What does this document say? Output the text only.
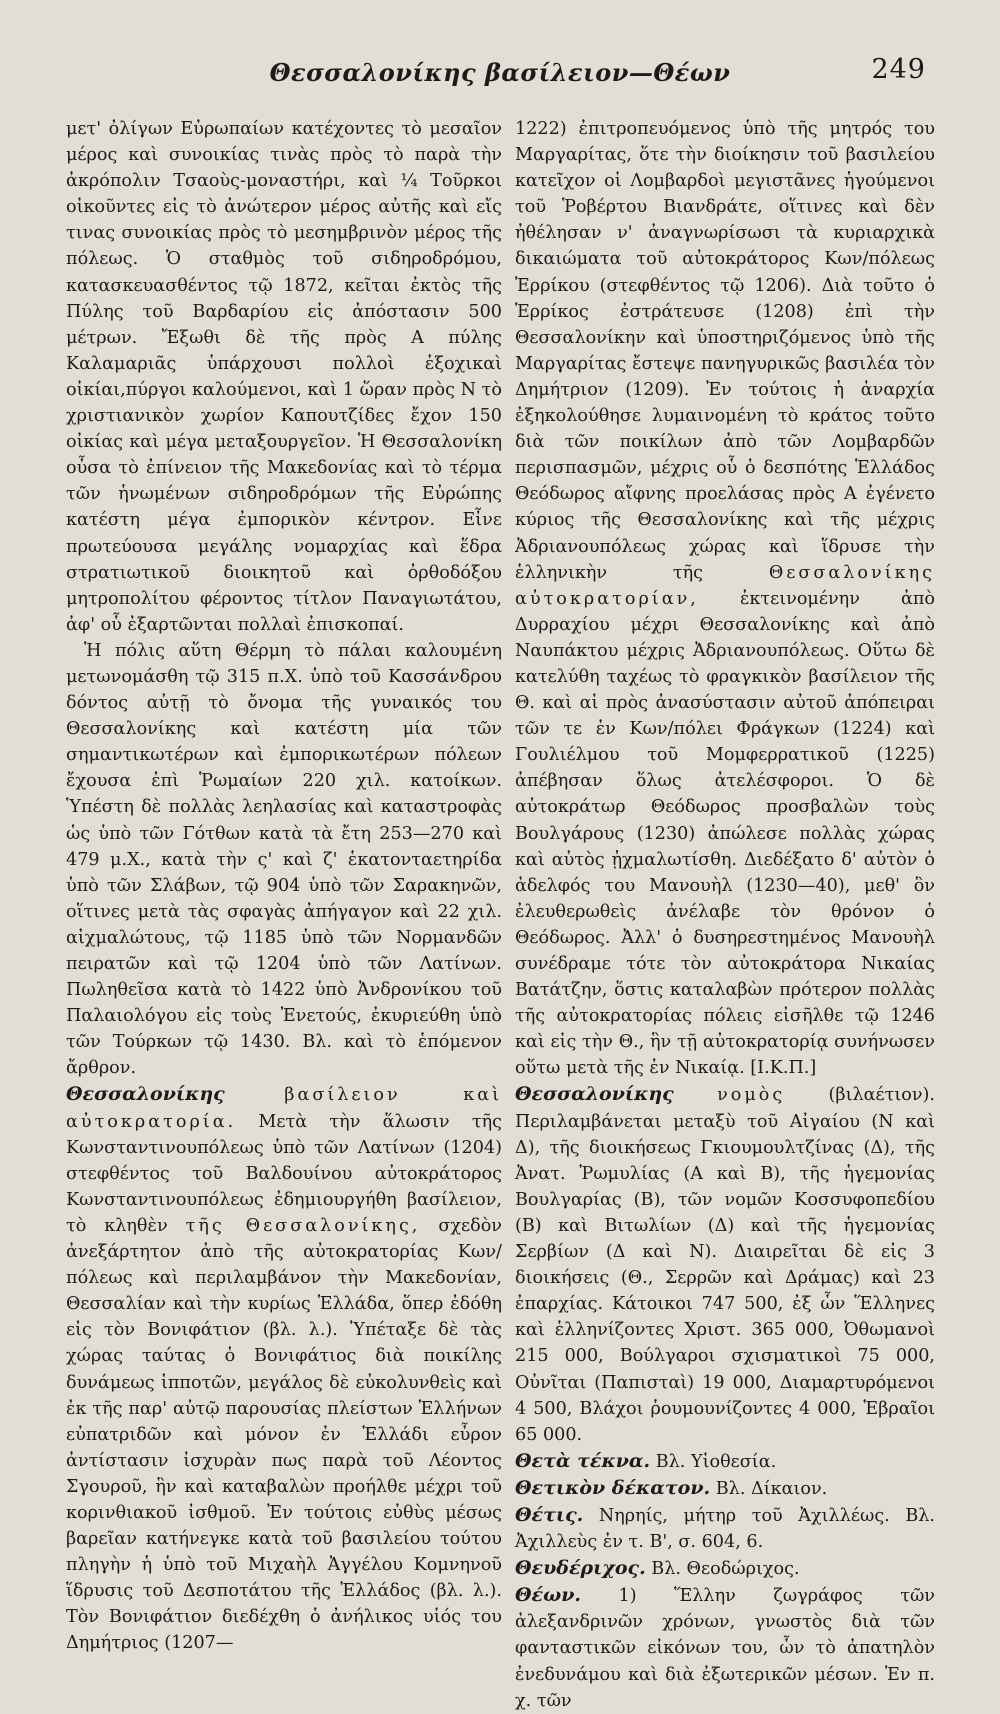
Θεσσαλονίκης βασίλειον—Θέων	249

μετ' ὀλίγων Εὐρωπαίων κατέχοντες τὸ μεσαῖον μέρος καὶ συνοικίας τινὰς πρὸς τὸ παρὰ τὴν ἀκρόπολιν Τσαοὺς-μοναστήρι, καὶ ¼ Τοῦρκοι οἰκοῦντες εἰς τὸ ἀνώτερον μέρος αὐτῆς καὶ εἴς τινας συνοικίας πρὸς τὸ μεσημβρινὸν μέρος τῆς πόλεως. Ὁ σταθμὸς τοῦ σιδηροδρόμου, κατασκευασθέντος τῷ 1872, κεῖται ἐκτὸς τῆς Πύλης τοῦ Βαρδαρίου εἰς ἀπόστασιν 500 μέτρων. Ἔξωθι δὲ τῆς πρὸς Α πύλης Καλαμαριᾶς ὑπάρχουσι πολλοὶ ἐξοχικαὶ οἰκίαι,πύργοι καλούμενοι, καὶ 1 ὥραν πρὸς Ν τὸ χριστιανικὸν χωρίον Καπουτζίδες ἔχον 150 οἰκίας καὶ μέγα μεταξουργεῖον. Ἡ Θεσσαλονίκη οὖσα τὸ ἐπίνειον τῆς Μακεδονίας καὶ τὸ τέρμα τῶν ἡνωμένων σιδηροδρόμων τῆς Εὐρώπης κατέστη μέγα ἐμπορικὸν κέντρον. Εἶνε πρωτεύουσα μεγάλης νομαρχίας καὶ ἕδρα στρατιωτικοῦ διοικητοῦ καὶ ὀρθοδόξου μητροπολίτου φέροντος τίτλον Παναγιωτάτου, ἀφ' οὗ ἐξαρτῶνται πολλαὶ ἐπισκοπαί.

Ἡ πόλις αὕτη Θέρμη τὸ πάλαι καλουμένη μετωνομάσθη τῷ 315 π.Χ. ὑπὸ τοῦ Κασσάνδρου δόντος αὐτῇ τὸ ὄνομα τῆς γυναικός του Θεσσαλονίκης καὶ κατέστη μία τῶν σημαντικωτέρων καὶ ἐμπορικωτέρων πόλεων ἔχουσα ἐπὶ Ῥωμαίων 220 χιλ. κατοίκων. Ὑπέστη δὲ πολλὰς λεηλασίας καὶ καταστροφὰς ὡς ὑπὸ τῶν Γότθων κατὰ τὰ ἔτη 253—270 καὶ 479 μ.Χ., κατὰ τὴν ς' καὶ ζ' ἑκατονταετηρίδα ὑπὸ τῶν Σλάβων, τῷ 904 ὑπὸ τῶν Σαρακηνῶν, οἵτινες μετὰ τὰς σφαγὰς ἀπήγαγον καὶ 22 χιλ. αἰχμαλώτους, τῷ 1185 ὑπὸ τῶν Νορμανδῶν πειρατῶν καὶ τῷ 1204 ὑπὸ τῶν Λατίνων. Πωληθεῖσα κατὰ τὸ 1422 ὑπὸ Ἀνδρονίκου τοῦ Παλαιολόγου εἰς τοὺς Ἐνετούς, ἐκυριεύθη ὑπὸ τῶν Τούρκων τῷ 1430. Βλ. καὶ τὸ ἑπόμενον ἄρθρον.

Θεσσαλονίκης	βασίλειον καὶ αὐτοκρατορία. Μετὰ τὴν ἅλωσιν τῆς Κωνσταντινουπόλεως ὑπὸ τῶν Λατίνων (1204) στεφθέντος τοῦ Βαλδουίνου αὐτοκράτορος Κωνσταντινουπόλεως ἐδημιουργήθη βασίλειον, τὸ κληθὲν τῆς Θεσσαλονίκης, σχεδὸν ἀνεξάρτητον ἀπὸ τῆς αὐτοκρατορίας Κων/πόλεως καὶ περιλαμβάνον τὴν Μακεδονίαν, Θεσσαλίαν καὶ τὴν κυρίως Ἑλλάδα, ὅπερ ἐδόθη εἰς τὸν Βονιφάτιον (βλ. λ.). Ὑπέταξε δὲ τὰς χώρας ταύτας ὁ Βονιφάτιος διὰ ποικίλης δυνάμεως ἱπποτῶν, μεγάλος δὲ εὐκολυνθεὶς καὶ ἐκ τῆς παρ' αὐτῷ παρουσίας πλείστων Ἑλλήνων εὐπατριδῶν καὶ μόνον ἐν Ἑλλάδι εὗρον ἀντίστασιν ἰσχυρὰν πως παρὰ τοῦ Λέοντος Σγουροῦ, ἣν καὶ καταβαλὼν προήλθε μέχρι τοῦ κορινθιακοῦ ἰσθμοῦ. Ἐν τούτοις εὐθὺς μέσως βαρεῖαν κατήνεγκε κατὰ τοῦ βασιλείου τούτου πληγὴν ἡ ὑπὸ τοῦ Μιχαὴλ Ἀγγέλου Κομνηνοῦ ἵδρυσις τοῦ Δεσποτάτου τῆς Ἑλλάδος (βλ. λ.). Τὸν Βονιφάτιον διεδέχθη ὁ ἀνήλικος υἱός του Δημήτριος (1207—

1222) ἐπιτροπευόμενος ὑπὸ τῆς μητρός του Μαργαρίτας, ὅτε τὴν διοίκησιν τοῦ βασιλείου κατεῖχον οἱ Λομβαρδοὶ μεγιστᾶνες ἡγούμενοι τοῦ Ῥοβέρτου Βιανδράτε, οἵτινες καὶ δὲν ἠθέλησαν ν' ἀναγνωρίσωσι τὰ κυριαρχικὰ δικαιώματα τοῦ αὐτοκράτορος Κων/πόλεως Ἑρρίκου (στεφθέντος τῷ 1206). Διὰ τοῦτο ὁ Ἑρρίκος ἐστράτευσε (1208) ἐπὶ τὴν Θεσσαλονίκην καὶ ὑποστηριζόμενος ὑπὸ τῆς Μαργαρίτας ἔστεψε πανηγυρικῶς βασιλέα τὸν Δημήτριον (1209). Ἐν τούτοις ἡ ἀναρχία ἐξηκολούθησε λυμαινομένη τὸ κράτος τοῦτο διὰ τῶν ποικίλων ἀπὸ τῶν Λομβαρδῶν περισπασμῶν, μέχρις οὗ ὁ δεσπότης Ἑλλάδος Θεόδωρος αἴφνης προελάσας πρὸς Α ἐγένετο κύριος τῆς Θεσσαλονίκης καὶ τῆς μέχρις Ἀδριανουπόλεως χώρας καὶ ἵδρυσε τὴν ἑλληνικὴν τῆς	Θεσσαλονίκης αὐτοκρατορίαν, ἐκτεινομένην ἀπὸ Δυρραχίου μέχρι Θεσσαλονίκης καὶ ἀπὸ Ναυπάκτου μέχρις Ἀδριανουπόλεως. Οὕτω δὲ κατελύθη ταχέως τὸ φραγκικὸν βασίλειον τῆς Θ. καὶ αἱ πρὸς ἀνασύστασιν αὐτοῦ ἀπόπειραι τῶν τε ἐν Κων/πόλει Φράγκων (1224) καὶ Γουλιέλμου τοῦ Μομφερρατικοῦ (1225) ἀπέβησαν ὅλως ἀτελέσφοροι. Ὁ δὲ αὐτοκράτωρ Θεόδωρος προσβαλὼν τοὺς Βουλγάρους (1230) ἀπώλεσε πολλὰς χώρας καὶ αὐτὸς ᾐχμαλωτίσθη. Διεδέξατο δ' αὐτὸν ὁ ἀδελφός του Μανουὴλ (1230—40), μεθ' ὃν ἐλευθερωθεὶς ἀνέλαβε τὸν θρόνον ὁ Θεόδωρος. Ἀλλ' ὁ δυσηρεστημένος Μανουὴλ συνέδραμε τότε τὸν αὐτοκράτορα Νικαίας Βατάτζην, ὅστις καταλαβὼν πρότερον πολλὰς τῆς αὐτοκρατορίας πόλεις εἰσῆλθε τῷ 1246 καὶ εἰς τὴν Θ., ἣν τῇ αὐτοκρατορίᾳ συνήνωσεν οὕτω μετὰ τῆς ἐν Νικαίᾳ. [Ι.Κ.Π.]

Θεσσαλονίκης νομὸς (βιλαέτιον). Περιλαμβάνεται μεταξὺ τοῦ Αἰγαίου (Ν καὶ Δ), τῆς διοικήσεως Γκιουμουλτζίνας (Δ), τῆς Ἀνατ. Ῥωμυλίας (Α καὶ Β), τῆς ἡγεμονίας Βουλγαρίας (Β), τῶν νομῶν Κοσσυφοπεδίου (Β) καὶ Βιτωλίων (Δ) καὶ τῆς ἡγεμονίας Σερβίων (Δ καὶ Ν). Διαιρεῖται δὲ εἰς 3 διοικήσεις (Θ., Σερρῶν καὶ Δράμας) καὶ 23 ἐπαρχίας. Κάτοικοι 747 500, ἐξ ὧν Ἕλληνες καὶ ἑλληνίζοντες Χριστ. 365 000, Ὀθωμανοὶ 215 000, Βούλγαροι σχισματικοὶ 75 000, Οὐνῖται (Παπισταὶ) 19 000, Διαμαρτυρόμενοι 4 500, Βλάχοι ῥουμουνίζοντες 4 000, Ἑβραῖοι 65 000.

Θετὰ τέκνα. Βλ. Υἱοθεσία.

Θετικὸν δέκατον. Βλ. Δίκαιον.

Θέτις. Νηρηίς, μήτηρ τοῦ Ἀχιλλέως. Βλ. Ἀχιλλεὺς ἐν τ. Β', σ. 604, 6.

Θευδέριχος. Βλ. Θεοδώριχος.

Θέων. 1) Ἕλλην ζωγράφος τῶν ἀλεξανδρινῶν χρόνων, γνωστὸς διὰ τῶν φανταστικῶν εἰκόνων του, ὧν τὸ ἀπατηλὸν ἐνεδυνάμου καὶ διὰ ἐξωτερικῶν μέσων. Ἐν π. χ. τῶν
